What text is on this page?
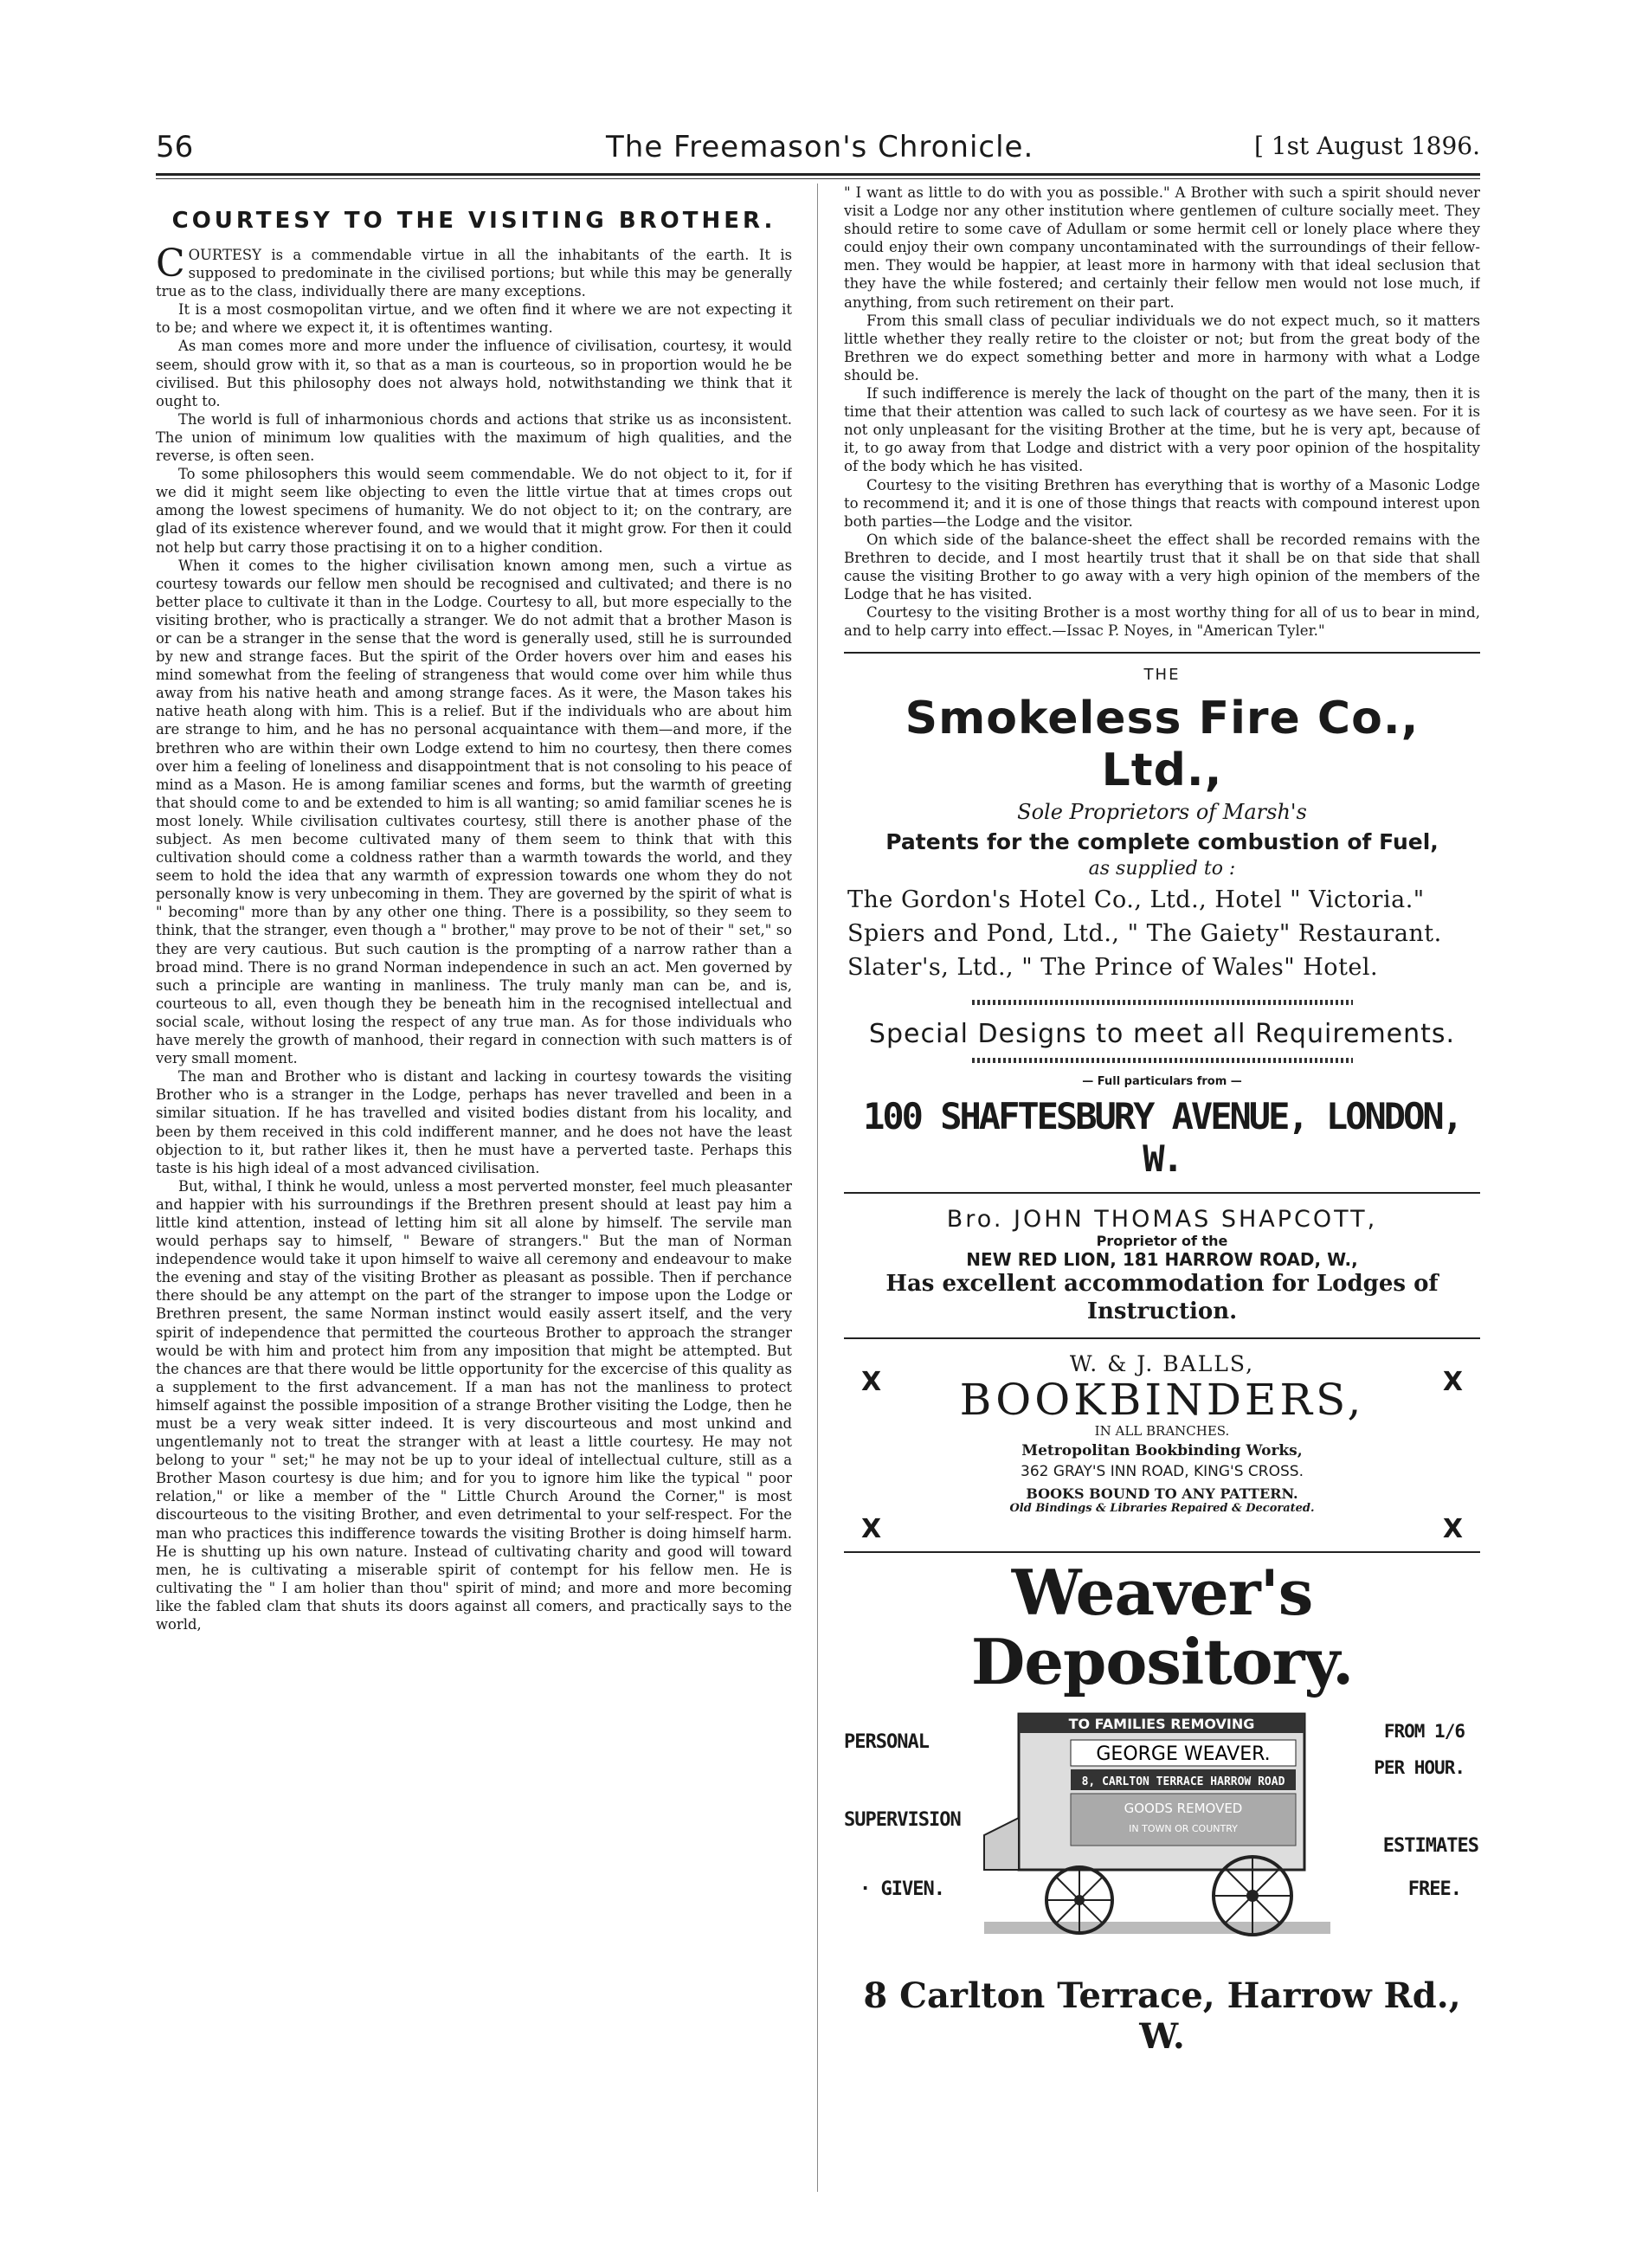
56	The Freemason's Chronicle.	[ 1st August 1896.
COURTESY TO THE VISITING BROTHER.

COURTESY is a commendable virtue in all the inhabitants of the earth. It is supposed to predominate in the civilised portions; but while this may be generally true as to the class, individually there are many exceptions.

It is a most cosmopolitan virtue, and we often find it where we are not expecting it to be; and where we expect it, it is oftentimes wanting.

As man comes more and more under the influence of civilisation, courtesy, it would seem, should grow with it, so that as a man is courteous, so in proportion would he be civilised. But this philosophy does not always hold, notwithstanding we think that it ought to.

The world is full of inharmonious chords and actions that strike us as inconsistent. The union of minimum low qualities with the maximum of high qualities, and the reverse, is often seen.

To some philosophers this would seem commendable. We do not object to it, for if we did it might seem like objecting to even the little virtue that at times crops out among the lowest specimens of humanity. We do not object to it; on the contrary, are glad of its existence wherever found, and we would that it might grow. For then it could not help but carry those practising it on to a higher condition.

When it comes to the higher civilisation known among men, such a virtue as courtesy towards our fellow men should be recognised and cultivated; and there is no better place to cultivate it than in the Lodge. Courtesy to all, but more especially to the visiting brother, who is practically a stranger. We do not admit that a brother Mason is or can be a stranger in the sense that the word is generally used, still he is surrounded by new and strange faces. But the spirit of the Order hovers over him and eases his mind somewhat from the feeling of strangeness that would come over him while thus away from his native heath and among strange faces. As it were, the Mason takes his native heath along with him. This is a relief. But if the individuals who are about him are strange to him, and he has no personal acquaintance with them—and more, if the brethren who are within their own Lodge extend to him no courtesy, then there comes over him a feeling of loneliness and disappointment that is not consoling to his peace of mind as a Mason. He is among familiar scenes and forms, but the warmth of greeting that should come to and be extended to him is all wanting; so amid familiar scenes he is most lonely. While civilisation cultivates courtesy, still there is another phase of the subject. As men become cultivated many of them seem to think that with this cultivation should come a coldness rather than a warmth towards the world, and they seem to hold the idea that any warmth of expression towards one whom they do not personally know is very unbecoming in them. They are governed by the spirit of what is " becoming" more than by any other one thing. There is a possibility, so they seem to think, that the stranger, even though a " brother," may prove to be not of their " set," so they are very cautious. But such caution is the prompting of a narrow rather than a broad mind. There is no grand Norman independence in such an act. Men governed by such a principle are wanting in manliness. The truly manly man can be, and is, courteous to all, even though they be beneath him in the recognised intellectual and social scale, without losing the respect of any true man. As for those individuals who have merely the growth of manhood, their regard in connection with such matters is of very small moment.

The man and Brother who is distant and lacking in courtesy towards the visiting Brother who is a stranger in the Lodge, perhaps has never travelled and been in a similar situation. If he has travelled and visited bodies distant from his locality, and been by them received in this cold indifferent manner, and he does not have the least objection to it, but rather likes it, then he must have a perverted taste. Perhaps this taste is his high ideal of a most advanced civilisation.

But, withal, I think he would, unless a most perverted monster, feel much pleasanter and happier with his surroundings if the Brethren present should at least pay him a little kind attention, instead of letting him sit all alone by himself. The servile man would perhaps say to himself, " Beware of strangers." But the man of Norman independence would take it upon himself to waive all ceremony and endeavour to make the evening and stay of the visiting Brother as pleasant as possible. Then if perchance there should be any attempt on the part of the stranger to impose upon the Lodge or Brethren present, the same Norman instinct would easily assert itself, and the very spirit of independence that permitted the courteous Brother to approach the stranger would be with him and protect him from any imposition that might be attempted. But the chances are that there would be little opportunity for the excercise of this quality as a supplement to the first advancement. If a man has not the manliness to protect himself against the possible imposition of a strange Brother visiting the Lodge, then he must be a very weak sitter indeed. It is very discourteous and most unkind and ungentlemanly not to treat the stranger with at least a little courtesy. He may not belong to your " set;" he may not be up to your ideal of intellectual culture, still as a Brother Mason courtesy is due him; and for you to ignore him like the typical " poor relation," or like a member of the " Little Church Around the Corner," is most discourteous to the visiting Brother, and even detrimental to your self-respect. For the man who practices this indifference towards the visiting Brother is doing himself harm. He is shutting up his own nature. Instead of cultivating charity and good will toward men, he is cultivating a miserable spirit of contempt for his fellow men. He is cultivating the " I am holier than thou" spirit of mind; and more and more becoming like the fabled clam that shuts its doors against all comers, and practically says to the world,

" I want as little to do with you as possible." A Brother with such a spirit should never visit a Lodge nor any other institution where gentlemen of culture socially meet. They should retire to some cave of Adullam or some hermit cell or lonely place where they could enjoy their own company uncontaminated with the surroundings of their fellow-men. They would be happier, at least more in harmony with that ideal seclusion that they have the while fostered; and certainly their fellow men would not lose much, if anything, from such retirement on their part.

From this small class of peculiar individuals we do not expect much, so it matters little whether they really retire to the cloister or not; but from the great body of the Brethren we do expect something better and more in harmony with what a Lodge should be.

If such indifference is merely the lack of thought on the part of the many, then it is time that their attention was called to such lack of courtesy as we have seen. For it is not only unpleasant for the visiting Brother at the time, but he is very apt, because of it, to go away from that Lodge and district with a very poor opinion of the hospitality of the body which he has visited.

Courtesy to the visiting Brethren has everything that is worthy of a Masonic Lodge to recommend it; and it is one of those things that reacts with compound interest upon both parties—the Lodge and the visitor.

On which side of the balance-sheet the effect shall be recorded remains with the Brethren to decide, and I most heartily trust that it shall be on that side that shall cause the visiting Brother to go away with a very high opinion of the members of the Lodge that he has visited.

Courtesy to the visiting Brother is a most worthy thing for all of us to bear in mind, and to help carry into effect.—Issac P. Noyes, in "American Tyler."

THE
Smokeless Fire Co., Ltd.,
Sole Proprietors of Marsh's
Patents for the complete combustion of Fuel,
as supplied to :
The Gordon's Hotel Co., Ltd., Hotel " Victoria."
Spiers and Pond, Ltd., " The Gaiety" Restaurant.
Slater's, Ltd., " The Prince of Wales" Hotel.
Special Designs to meet all Requirements.
— Full particulars from —
100 SHAFTESBURY AVENUE, LONDON, W.
Bro. JOHN THOMAS SHAPCOTT,
Proprietor of the
NEW RED LION, 181 HARROW ROAD, W.,
Has excellent accommodation for Lodges of Instruction.
X	X
X	X
W. & J. BALLS,
BOOKBINDERS,
IN ALL BRANCHES.
Metropolitan Bookbinding Works,
362 GRAY'S INN ROAD, KING'S CROSS.
BOOKS BOUND TO ANY PATTERN.
Old Bindings & Libraries Repaired & Decorated.
Weaver's Depository.
PERSONAL
SUPERVISION
· GIVEN.
FROM 1/6
PER HOUR.
ESTIMATES
FREE.
TO FAMILIES REMOVING
GEORGE WEAVER.
8, CARLTON TERRACE HARROW ROAD
GOODS REMOVED
IN TOWN OR COUNTRY
8 Carlton Terrace, Harrow Rd., W.
